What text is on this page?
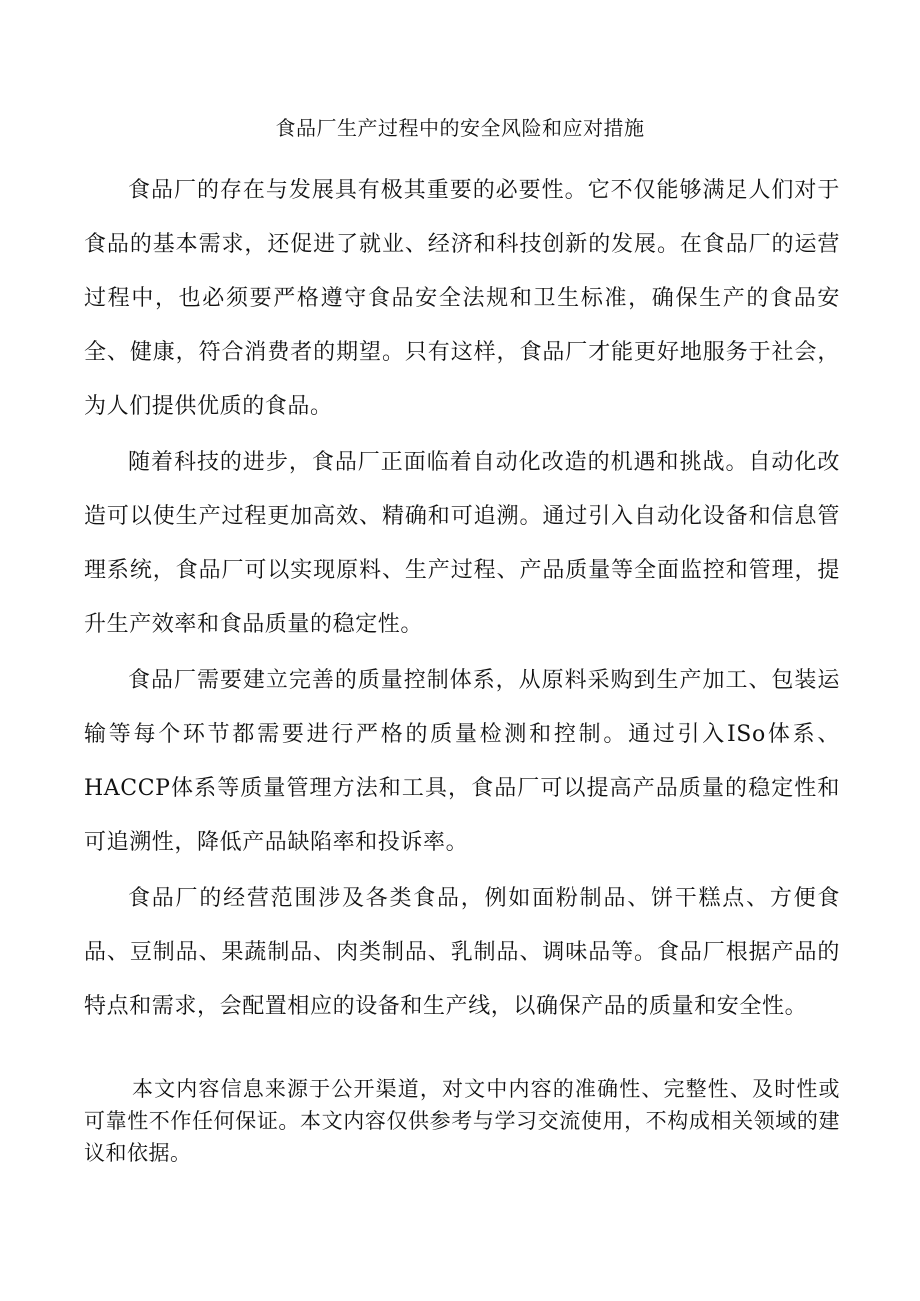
食品厂生产过程中的安全风险和应对措施

食品厂的存在与发展具有极其重要的必要性。它不仅能够满足人们对于食品的基本需求，还促进了就业、经济和科技创新的发展。在食品厂的运营过程中，也必须要严格遵守食品安全法规和卫生标准，确保生产的食品安全、健康，符合消费者的期望。只有这样，食品厂才能更好地服务于社会，为人们提供优质的食品。

随着科技的进步，食品厂正面临着自动化改造的机遇和挑战。自动化改造可以使生产过程更加高效、精确和可追溯。通过引入自动化设备和信息管理系统，食品厂可以实现原料、生产过程、产品质量等全面监控和管理，提升生产效率和食品质量的稳定性。

食品厂需要建立完善的质量控制体系，从原料采购到生产加工、包装运输等每个环节都需要进行严格的质量检测和控制。通过引入ISo体系、HACCP体系等质量管理方法和工具，食品厂可以提高产品质量的稳定性和可追溯性，降低产品缺陷率和投诉率。

食品厂的经营范围涉及各类食品，例如面粉制品、饼干糕点、方便食品、豆制品、果蔬制品、肉类制品、乳制品、调味品等。食品厂根据产品的特点和需求，会配置相应的设备和生产线，以确保产品的质量和安全性。

本文内容信息来源于公开渠道，对文中内容的准确性、完整性、及时性或可靠性不作任何保证。本文内容仅供参考与学习交流使用，不构成相关领域的建议和依据。
